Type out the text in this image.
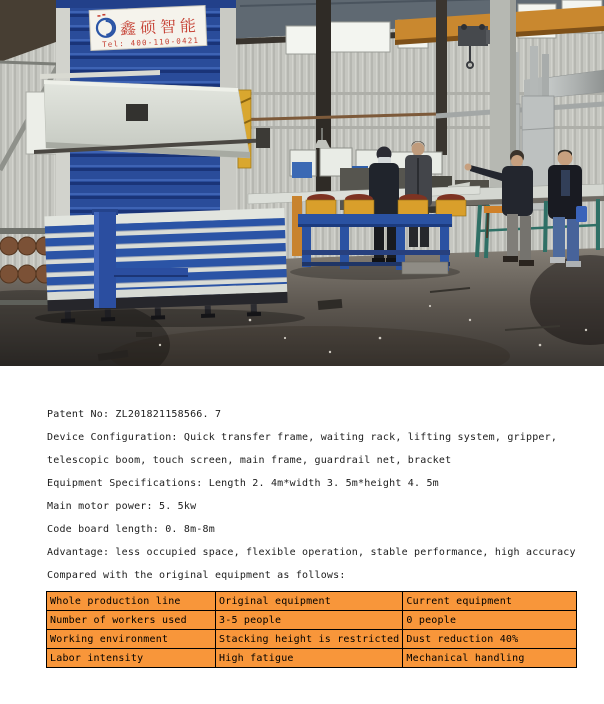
鑫硕智能
Tel: 400-110-0421
Patent No: ZL201821158566. 7
Device Configuration: Quick transfer frame, waiting rack, lifting system, gripper,
telescopic boom, touch screen, main frame, guardrail net, bracket
Equipment Specifications: Length 2. 4m*width 3. 5m*height 4. 5m
Main motor power: 5. 5kw
Code board length: 0. 8m-8m
Advantage: less occupied space, flexible operation, stable performance, high accuracy
Compared with the original equipment as follows:
Whole production line	Original equipment	Current equipment
Number of workers used	3-5 people	0 people
Working environment	Stacking height is restricted	Dust reduction 40%
Labor intensity	High fatigue	Mechanical handling
